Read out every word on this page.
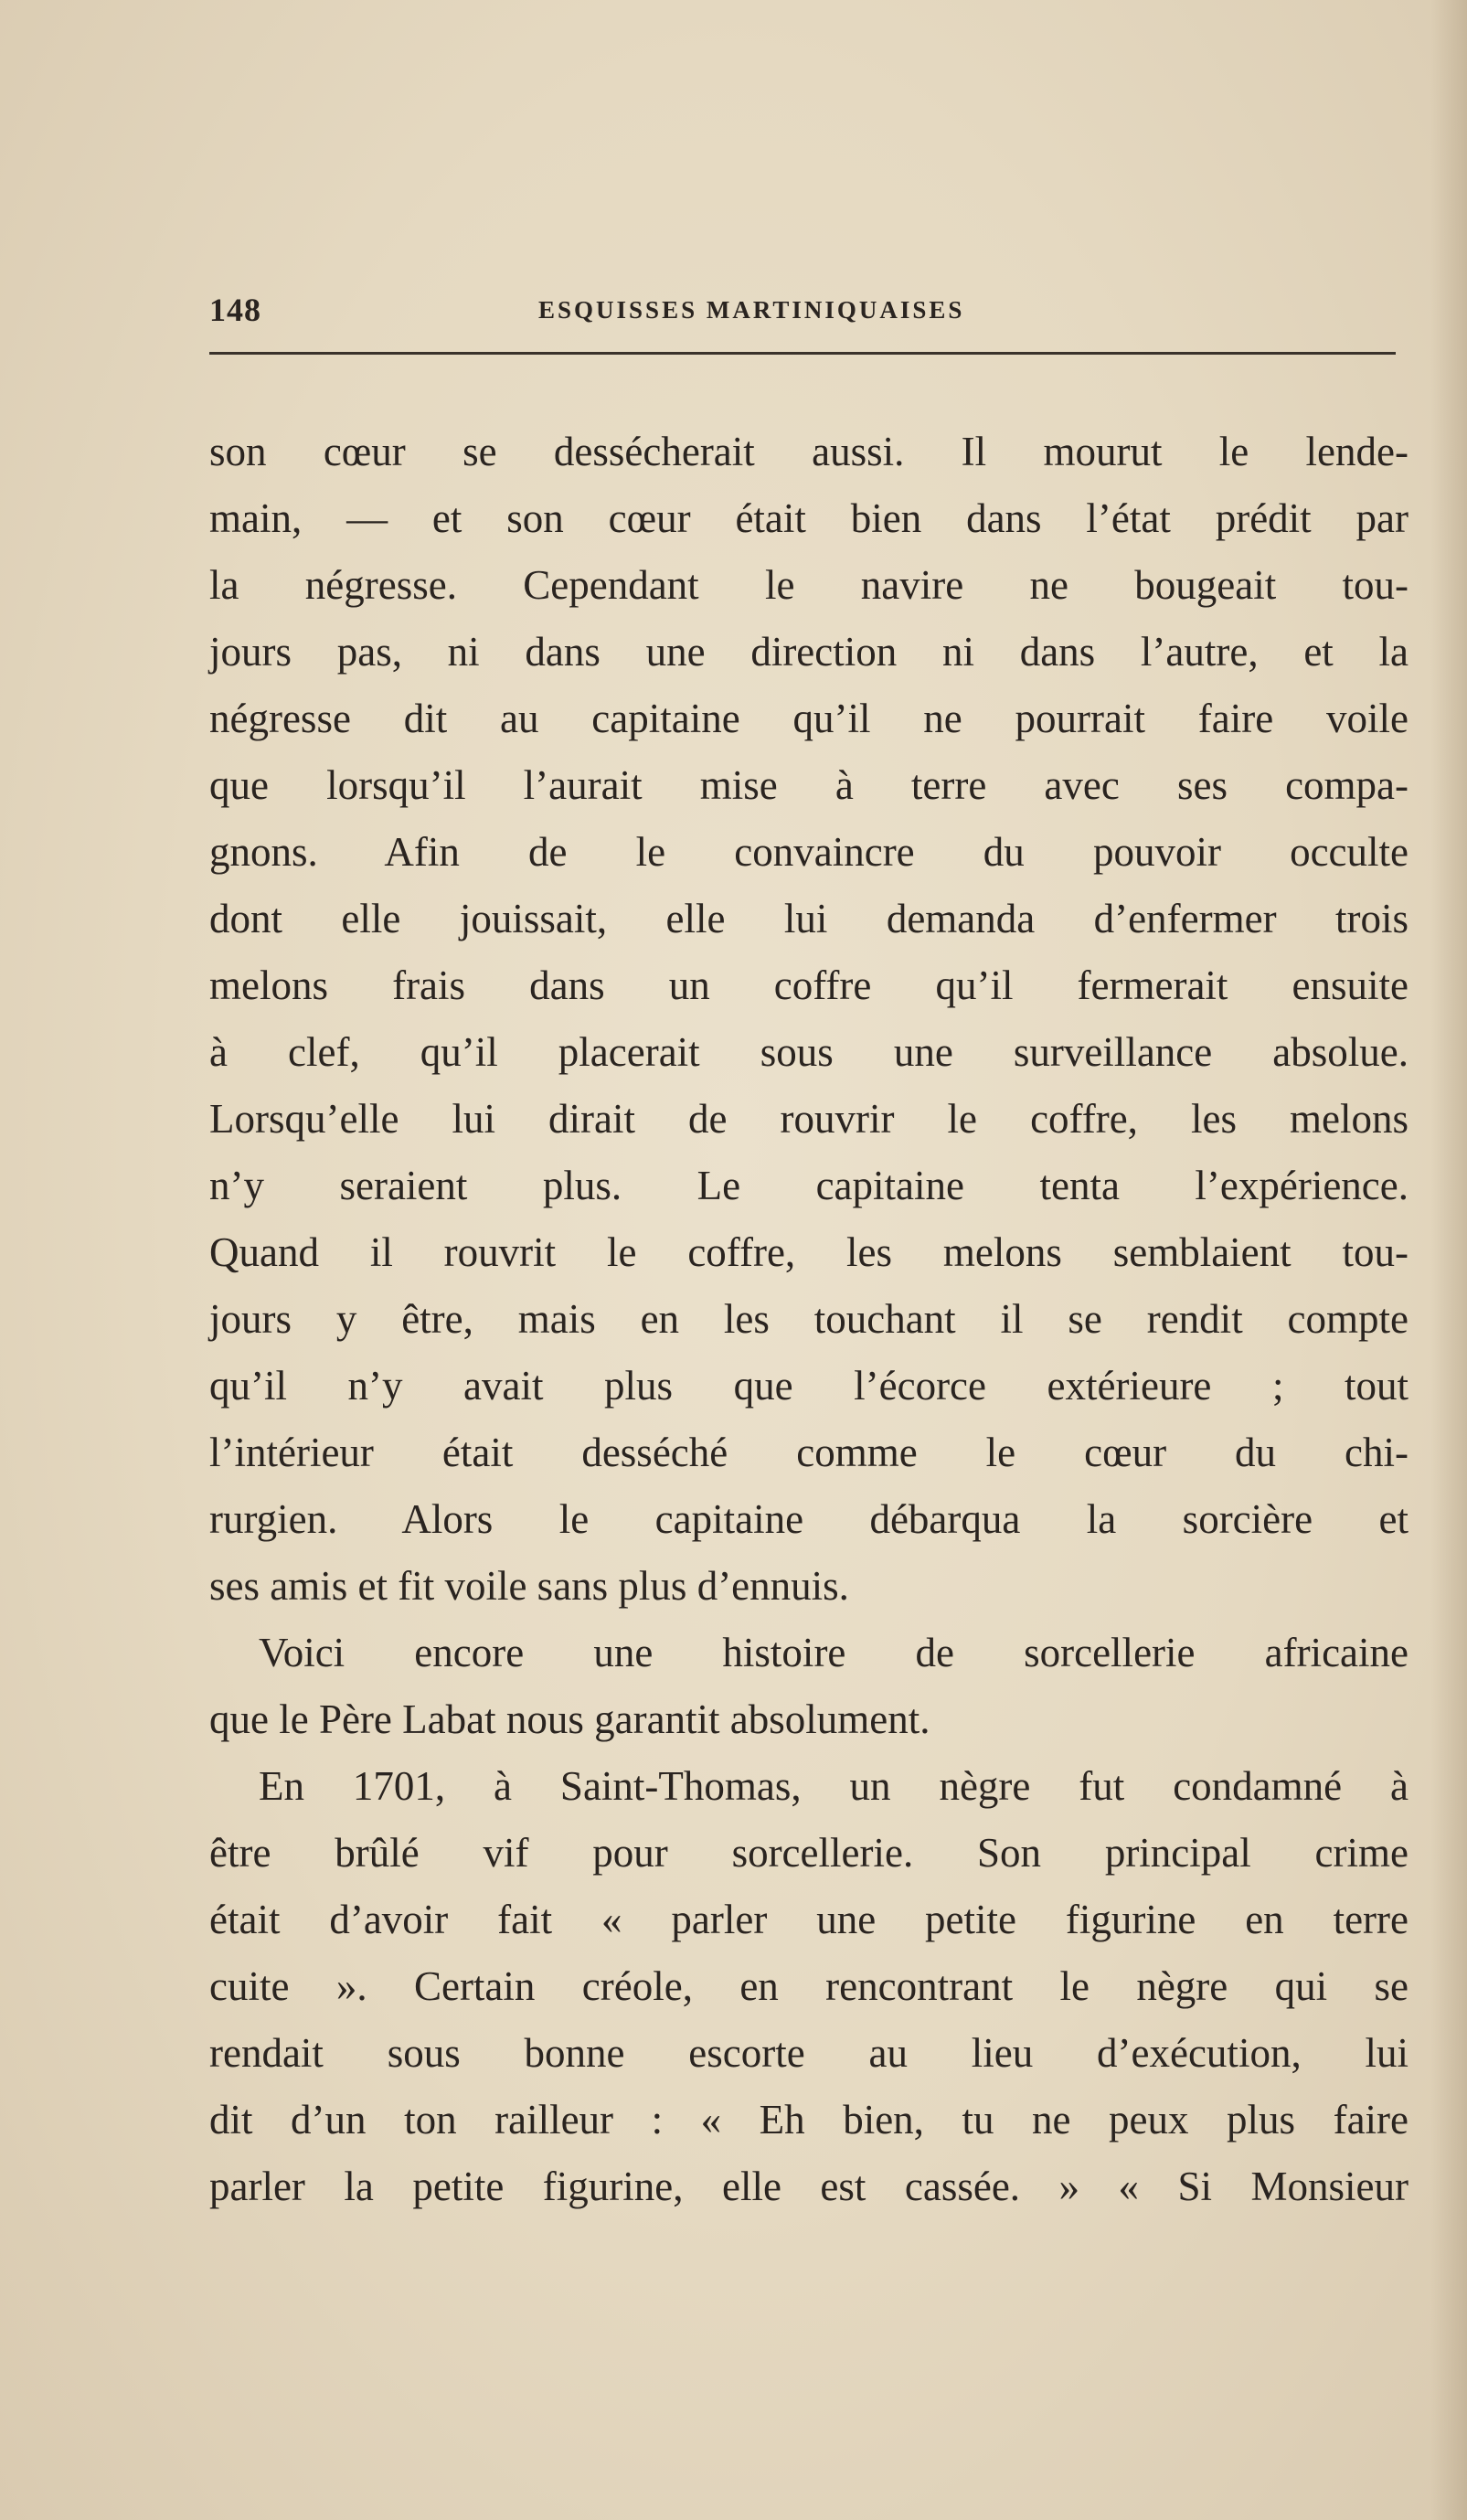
148	ESQUISSES MARTINIQUAISES
son cœur se dessécherait aussi. Il mourut le lende-
main, — et son cœur était bien dans l’état prédit par
la négresse. Cependant le navire ne bougeait tou-
jours pas, ni dans une direction ni dans l’autre, et la
négresse dit au capitaine qu’il ne pourrait faire voile
que lorsqu’il l’aurait mise à terre avec ses compa-
gnons. Afin de le convaincre du pouvoir occulte
dont elle jouissait, elle lui demanda d’enfermer trois
melons frais dans un coffre qu’il fermerait ensuite
à clef, qu’il placerait sous une surveillance absolue.
Lorsqu’elle lui dirait de rouvrir le coffre, les melons
n’y seraient plus. Le capitaine tenta l’expérience.
Quand il rouvrit le coffre, les melons semblaient tou-
jours y être, mais en les touchant il se rendit compte
qu’il n’y avait plus que l’écorce extérieure ; tout
l’intérieur était desséché comme le cœur du chi-
rurgien. Alors le capitaine débarqua la sorcière et
ses amis et fit voile sans plus d’ennuis.
Voici encore une histoire de sorcellerie africaine
que le Père Labat nous garantit absolument.
En 1701, à Saint-Thomas, un nègre fut condamné à
être brûlé vif pour sorcellerie. Son principal crime
était d’avoir fait « parler une petite figurine en terre
cuite ». Certain créole, en rencontrant le nègre qui se
rendait sous bonne escorte au lieu d’exécution, lui
dit d’un ton railleur : « Eh bien, tu ne peux plus faire
parler la petite figurine, elle est cassée. » « Si Monsieur
